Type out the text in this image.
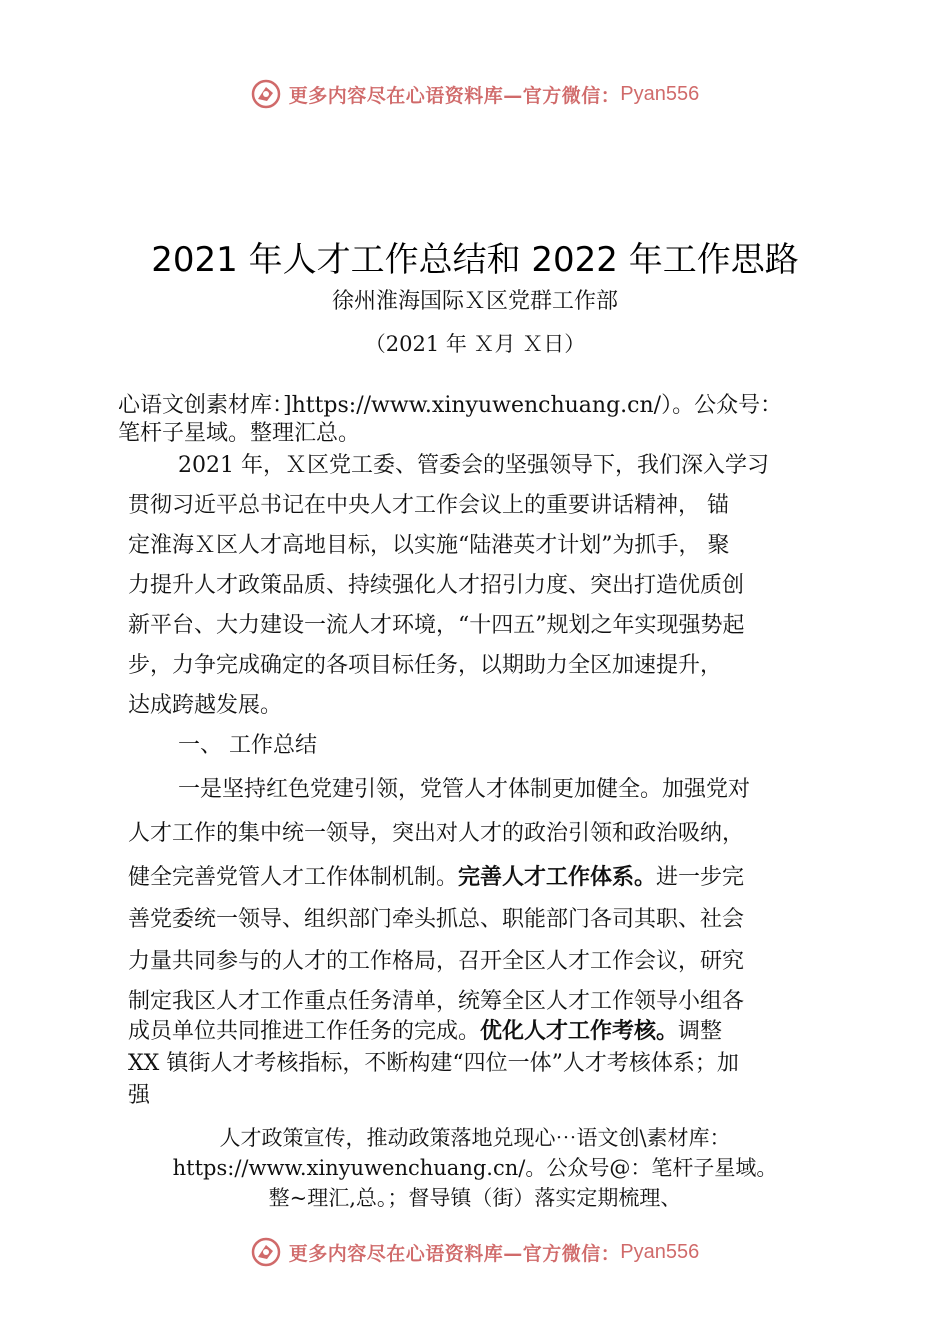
更多内容尽在心语资料库—官方微信： Pyan556
2021 年人才工作总结和 2022 年工作思路

徐州淮海国际Ｘ区党群工作部

（2021 年 Ｘ月 Ｘ日）

心语文创素材库：]https://www.xinyuwenchuang.cn/）。公众号：
笔杆子星域。整理汇总。
2021 年，Ｘ区党工委、管委会的坚强领导下，我们深入学习
贯彻习近平总书记在中央人才工作会议上的重要讲话精神， 锚
定淮海Ｘ区人才高地目标，以实施“陆港英才计划”为抓手， 聚
力提升人才政策品质、持续强化人才招引力度、突出打造优质创
新平台、大力建设一流人才环境，“十四五”规划之年实现强势起
步，力争完成确定的各项目标任务，以期助力全区加速提升，
达成跨越发展。
一、 工作总结
一是坚持红色党建引领，党管人才体制更加健全。加强党对
人才工作的集中统一领导，突出对人才的政治引领和政治吸纳，
健全完善党管人才工作体制机制。完善人才工作体系。进一步完
善党委统一领导、组织部门牵头抓总、职能部门各司其职、社会
力量共同参与的人才的工作格局，召开全区人才工作会议，研究
制定我区人才工作重点任务清单，统筹全区人才工作领导小组各
成员单位共同推进工作任务的完成。优化人才工作考核。调整
XX 镇街人才考核指标，不断构建“四位一体”人才考核体系；加
强
人才政策宣传，推动政策落地兑现心⋯语文创\素材库：
https://www.xinyuwenchuang.cn/。公众号@：笔杆子星域。
整~理汇,总。；督导镇（街）落实定期梳理、
更多内容尽在心语资料库—官方微信： Pyan556
